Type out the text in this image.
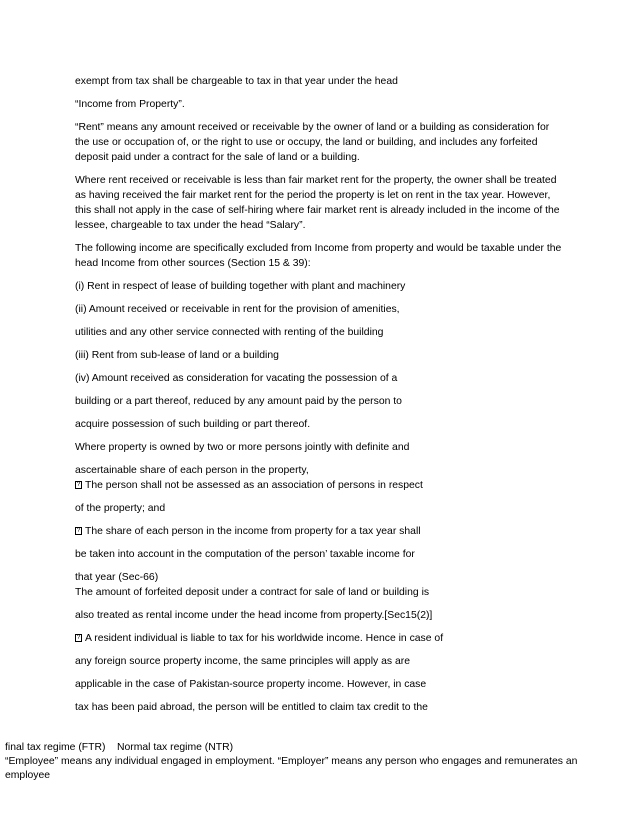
exempt from tax shall be chargeable to tax in that year under the head

“Income from Property”.

“Rent” means any amount received or receivable by the owner of land or a building as consideration for the use or occupation of, or the right to use or occupy, the land or building, and includes any forfeited deposit paid under a contract for the sale of land or a building.

Where rent received or receivable is less than fair market rent for the property, the owner shall be treated as having received the fair market rent for the period the property is let on rent in the tax year. However, this shall not apply in the case of self-hiring where fair market rent is already included in the income of the lessee, chargeable to tax under the head “Salary”.

The following income are specifically excluded from Income from property and would be taxable under the head Income from other sources (Section 15 & 39):

(i) Rent in respect of lease of building together with plant and machinery

(ii) Amount received or receivable in rent for the provision of amenities,

utilities and any other service connected with renting of the building

(iii) Rent from sub-lease of land or a building

(iv) Amount received as consideration for vacating the possession of a

building or a part thereof, reduced by any amount paid by the person to

acquire possession of such building or part thereof.

Where property is owned by two or more persons jointly with definite and

ascertainable share of each person in the property,

?The person shall not be assessed as an association of persons in respect

of the property; and

?The share of each person in the income from property for a tax year shall

be taken into account in the computation of the person’ taxable income for

that year (Sec-66)

The amount of forfeited deposit under a contract for sale of land or building is

also treated as rental income under the head income from property.[Sec15(2)]

?A resident individual is liable to tax for his worldwide income. Hence in case of

any foreign source property income, the same principles will apply as are

applicable in the case of Pakistan-source property income. However, in case

tax has been paid abroad, the person will be entitled to claim tax credit to the

final tax regime (FTR)    Normal tax regime (NTR)

“Employee” means any individual engaged in employment. “Employer” means any person who engages and remunerates an employee
